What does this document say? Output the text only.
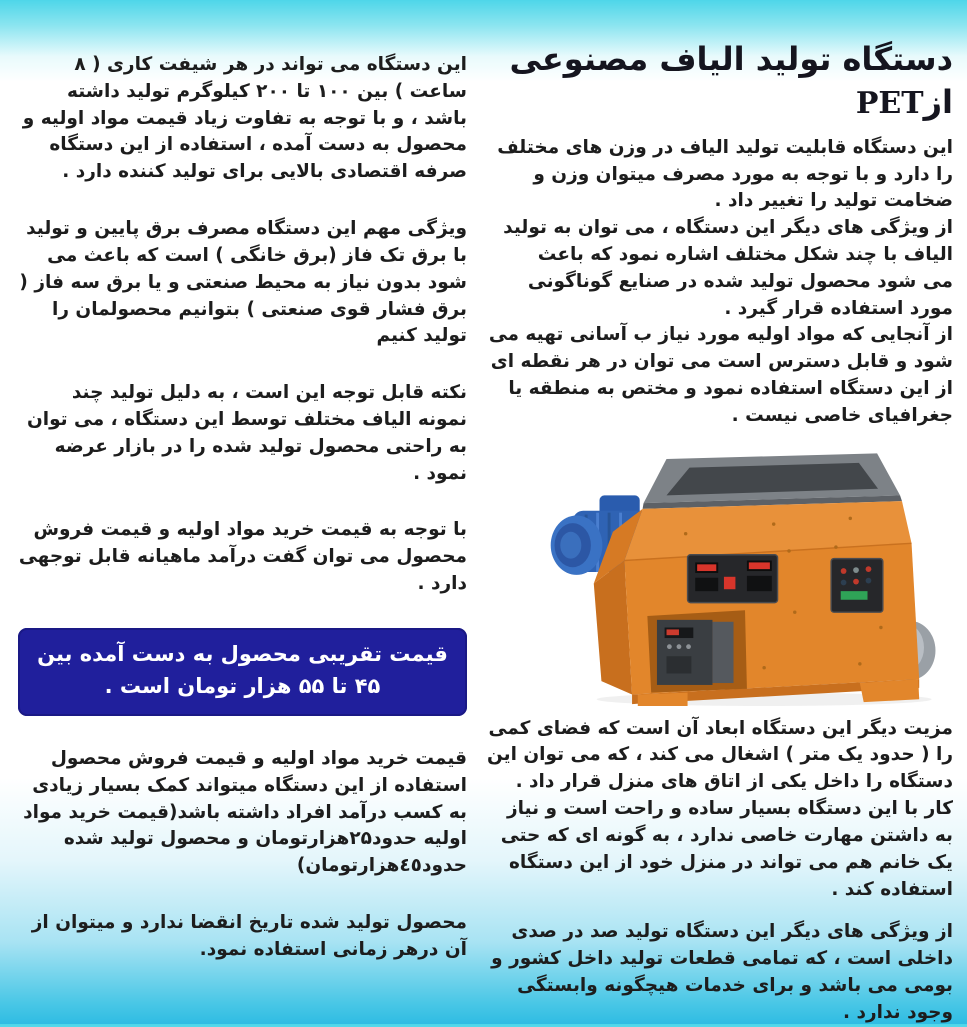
دستگاه تولید الیاف مصنوعی ازPET

این دستگاه قابلیت تولید الیاف در وزن های مختلف را دارد و با توجه به مورد مصرف میتوان وزن و ضخامت تولید را تغییر داد .

از ویژگی های دیگر این دستگاه ، می توان به تولید الیاف با چند شکل مختلف اشاره نمود که باعث

می شود محصول تولید شده در صنایع گوناگونی مورد استفاده قرار گیرد .

از آنجایی که مواد اولیه مورد نیاز ب آسانی تهیه می شود و قابل دسترس است می توان در هر نقطه ای از این دستگاه استفاده نمود و مختص به منطقه یا جغرافیای خاصی نیست .

مزیت دیگر این دستگاه ابعاد آن است که فضای کمی را ( حدود یک متر ) اشغال می کند ، که می توان این دستگاه را داخل یکی از اتاق های منزل قرار داد . کار با این دستگاه بسیار ساده و راحت است و نیاز به داشتن مهارت خاصی ندارد ، به گونه ای که حتی یک خانم هم می تواند در منزل خود از این دستگاه استفاده کند .

از ویژگی های دیگر این دستگاه تولید صد در صدی داخلی است ، که تمامی قطعات تولید داخل کشور و بومی می باشد و برای خدمات هیچگونه وابستگی وجود ندارد .

این دستگاه می تواند در هر شیفت کاری ( ۸ ساعت ) بین ۱۰۰ تا ۲۰۰ کیلوگرم تولید داشته باشد ، و با توجه به تفاوت زیاد قیمت مواد اولیه و محصول به دست آمده ، استفاده از این دستگاه صرفه اقتصادی بالایی برای تولید کننده دارد .

ویژگی مهم این دستگاه مصرف برق پایین و تولید با برق تک فاز (برق خانگی ) است که باعث می شود بدون نیاز به محیط صنعتی و یا برق سه فاز ( برق فشار قوی صنعتی ) بتوانیم محصولمان را تولید کنیم

نکته قابل توجه این است ، به دلیل تولید چند نمونه الیاف مختلف توسط این دستگاه ، می توان به راحتی محصول تولید شده را در بازار عرضه نمود .

با توجه به قیمت خرید مواد اولیه و قیمت فروش محصول می توان گفت درآمد ماهیانه قابل توجهی دارد .

قیمت تقریبی محصول به دست آمده بین ۴۵ تا ۵۵ هزار تومان است .

قیمت خرید مواد اولیه و قیمت فروش محصول استفاده از این دستگاه میتواند کمک بسیار زیادی به کسب درآمد افراد داشته باشد(قیمت خرید مواد اولیه حدود۲۵هزارتومان و محصول تولید شده حدود٤٥هزارتومان)

محصول تولید شده تاریخ انقضا ندارد و میتوان از آن درهر زمانی استفاده نمود.
